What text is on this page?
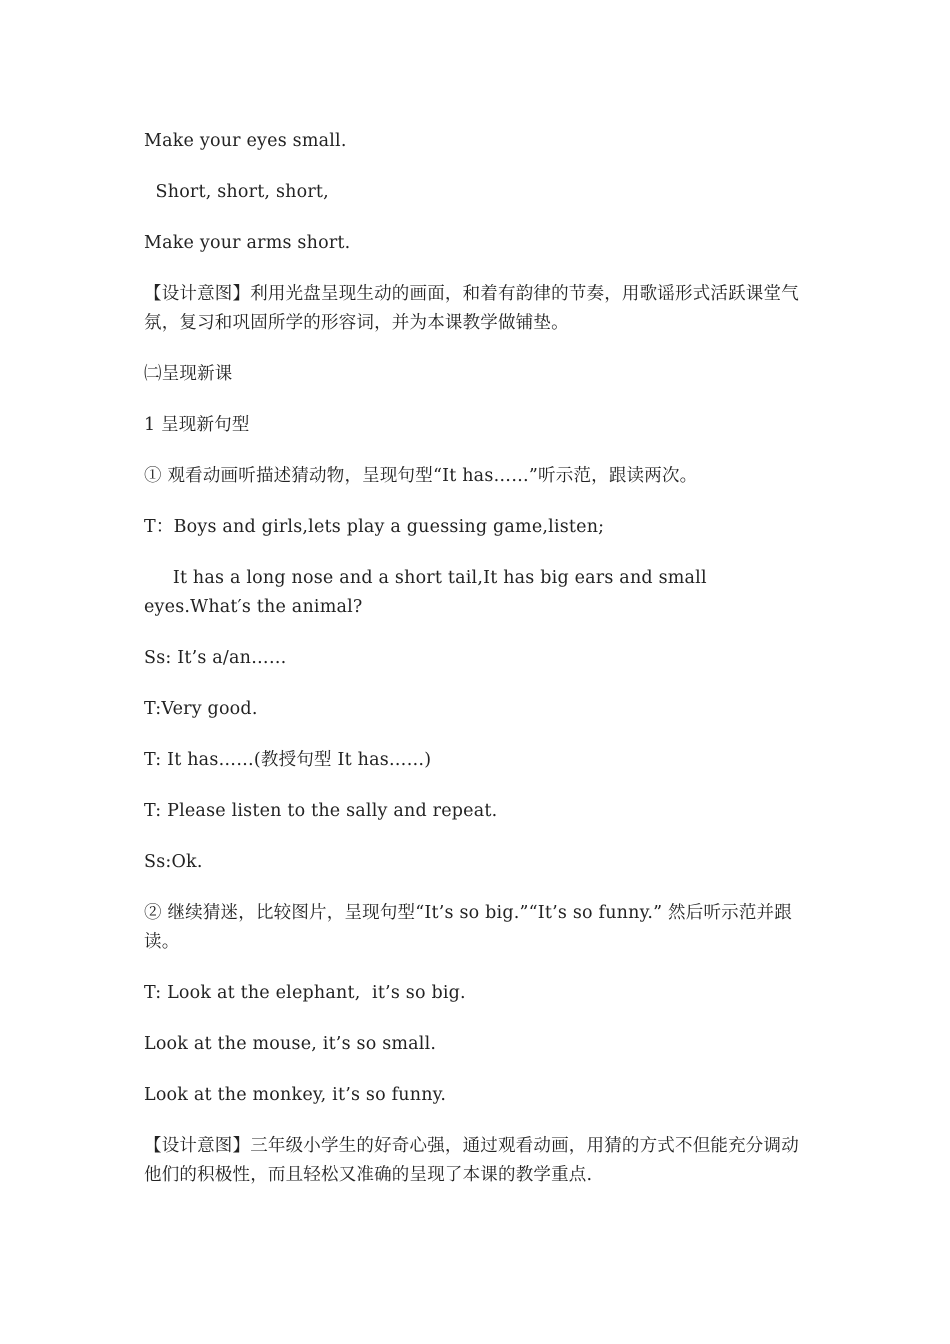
Make your eyes small.
Short, short, short,
Make your arms short.
【设计意图】利用光盘呈现生动的画面，和着有韵律的节奏，用歌谣形式活跃课堂气氛，复习和巩固所学的形容词，并为本课教学做铺垫。
㈡呈现新课
1 呈现新句型
① 观看动画听描述猜动物，呈现句型“It has……”听示范，跟读两次。
T：Boys and girls,lets play a guessing game,listen;
It has a long nose and a short tail,It has big ears and small eyes.What′s the animal?
Ss: It’s a/an……
T:Very good.
T: It has……(教授句型 It has……)
T: Please listen to the sally and repeat.
Ss:Ok.
② 继续猜迷，比较图片，呈现句型“It’s so big.”“It’s so funny.” 然后听示范并跟读。
T: Look at the elephant,  it’s so big.
Look at the mouse, it’s so small.
Look at the monkey, it’s so funny.
【设计意图】三年级小学生的好奇心强，通过观看动画，用猜的方式不但能充分调动他们的积极性，而且轻松又准确的呈现了本课的教学重点.
